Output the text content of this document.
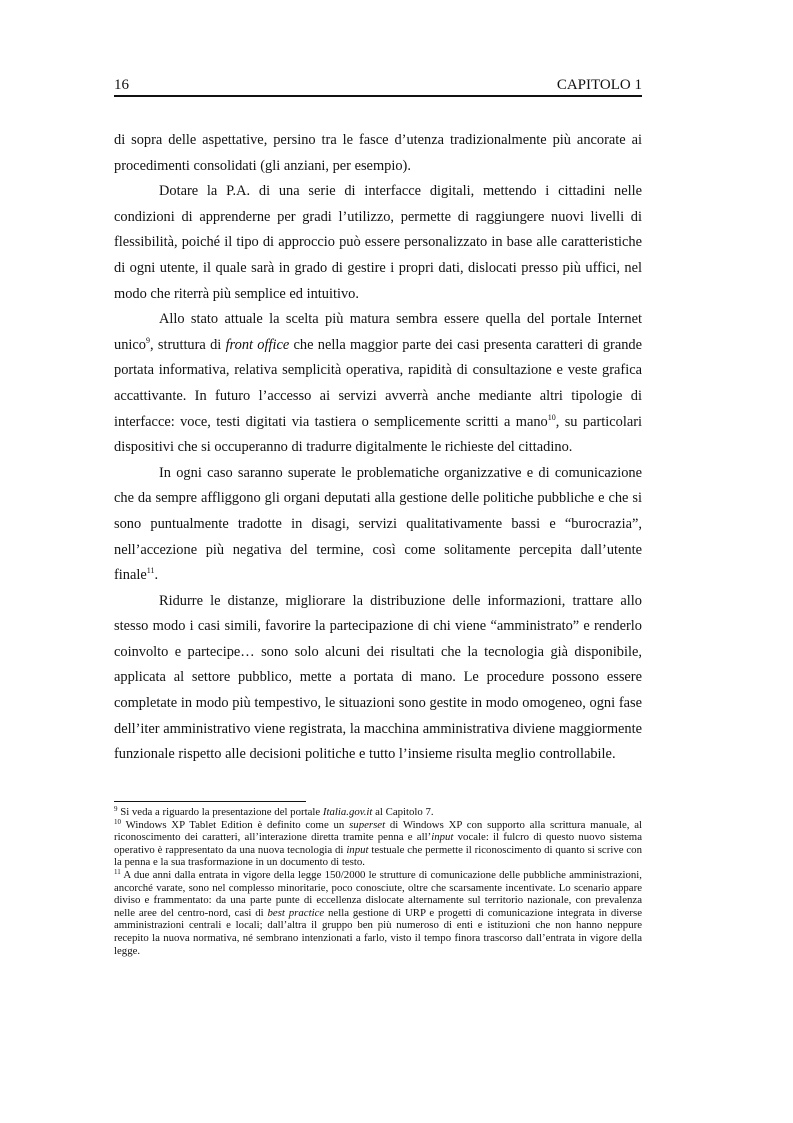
16	CAPITOLO 1

di sopra delle aspettative, persino tra le fasce d’utenza tradizionalmente più ancorate ai procedimenti consolidati (gli anziani, per esempio).

Dotare la P.A. di una serie di interfacce digitali, mettendo i cittadini nelle condizioni di apprenderne per gradi l’utilizzo, permette di raggiungere nuovi livelli di flessibilità, poiché il tipo di approccio può essere personalizzato in base alle caratteristiche di ogni utente, il quale sarà in grado di gestire i propri dati, dislocati presso più uffici, nel modo che riterrà più semplice ed intuitivo.

Allo stato attuale la scelta più matura sembra essere quella del portale Internet unico$^9$, struttura di front office che nella maggior parte dei casi presenta caratteri di grande portata informativa, relativa semplicità operativa, rapidità di consultazione e veste grafica accattivante. In futuro l’accesso ai servizi avverrà anche mediante altri tipologie di interfacce: voce, testi digitati via tastiera o semplicemente scritti a mano$^{10}$, su particolari dispositivi che si occuperanno di tradurre digitalmente le richieste del cittadino.

In ogni caso saranno superate le problematiche organizzative e di comunicazione che da sempre affliggono gli organi deputati alla gestione delle politiche pubbliche e che si sono puntualmente tradotte in disagi, servizi qualitativamente bassi e “burocrazia”, nell’accezione più negativa del termine, così come solitamente percepita dall’utente finale$^{11}$.

Ridurre le distanze, migliorare la distribuzione delle informazioni, trattare allo stesso modo i casi simili, favorire la partecipazione di chi viene “amministrato” e renderlo coinvolto e partecipe… sono solo alcuni dei risultati che la tecnologia già disponibile, applicata al settore pubblico, mette a portata di mano. Le procedure possono essere completate in modo più tempestivo, le situazioni sono gestite in modo omogeneo, ogni fase dell’iter amministrativo viene registrata, la macchina amministrativa diviene maggiormente funzionale rispetto alle decisioni politiche e tutto l’insieme risulta meglio controllabile.

$^9$ Si veda a riguardo la presentazione del portale Italia.gov.it al Capitolo 7.

$^{10}$ Windows XP Tablet Edition è definito come un superset di Windows XP con supporto alla scrittura manuale, al riconoscimento dei caratteri, all’interazione diretta tramite penna e all’input vocale: il fulcro di questo nuovo sistema operativo è rappresentato da una nuova tecnologia di input testuale che permette il riconoscimento di quanto si scrive con la penna e la sua trasformazione in un documento di testo.

$^{11}$ A due anni dalla entrata in vigore della legge 150/2000 le strutture di comunicazione delle pubbliche amministrazioni, ancorché varate, sono nel complesso minoritarie, poco conosciute, oltre che scarsamente incentivate. Lo scenario appare diviso e frammentato: da una parte punte di eccellenza dislocate alternamente sul territorio nazionale, con prevalenza nelle aree del centro-nord, casi di best practice nella gestione di URP e progetti di comunicazione integrata in diverse amministrazioni centrali e locali; dall’altra il gruppo ben più numeroso di enti e istituzioni che non hanno neppure recepito la nuova normativa, né sembrano intenzionati a farlo, visto il tempo finora trascorso dall’entrata in vigore della legge.
